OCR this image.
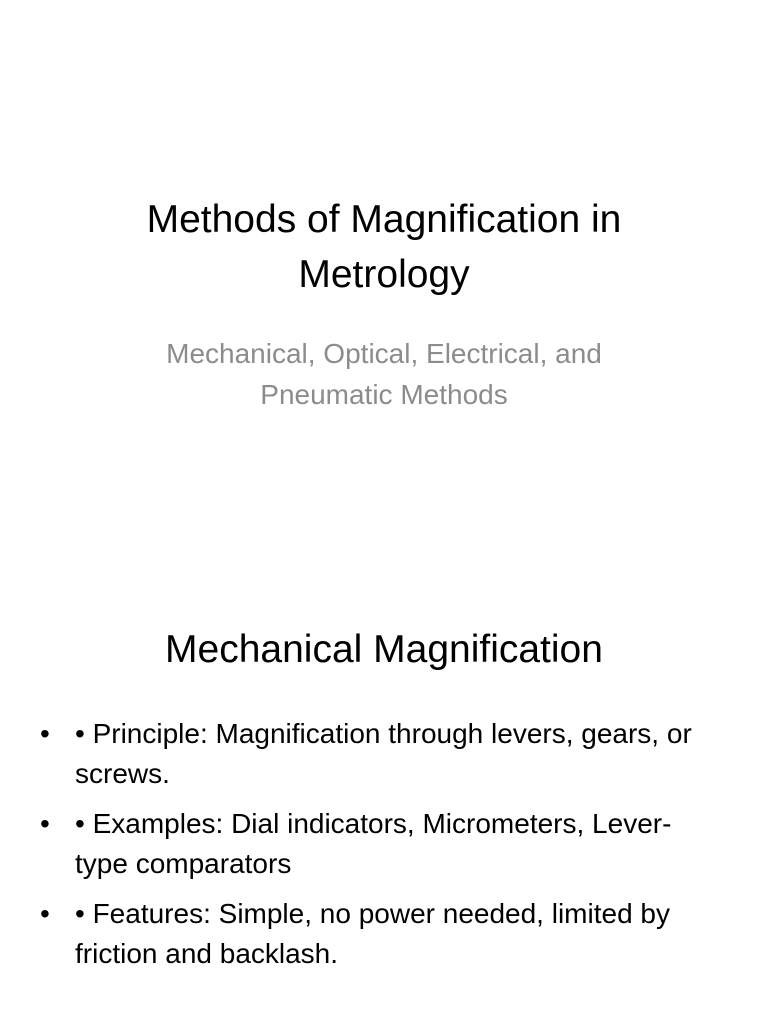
Methods of Magnification in Metrology

Mechanical, Optical, Electrical, and Pneumatic Methods

Mechanical Magnification
• • Principle: Magnification through levers, gears, or screws.
• • Examples: Dial indicators, Micrometers, Lever-type comparators
• • Features: Simple, no power needed, limited by friction and backlash.
